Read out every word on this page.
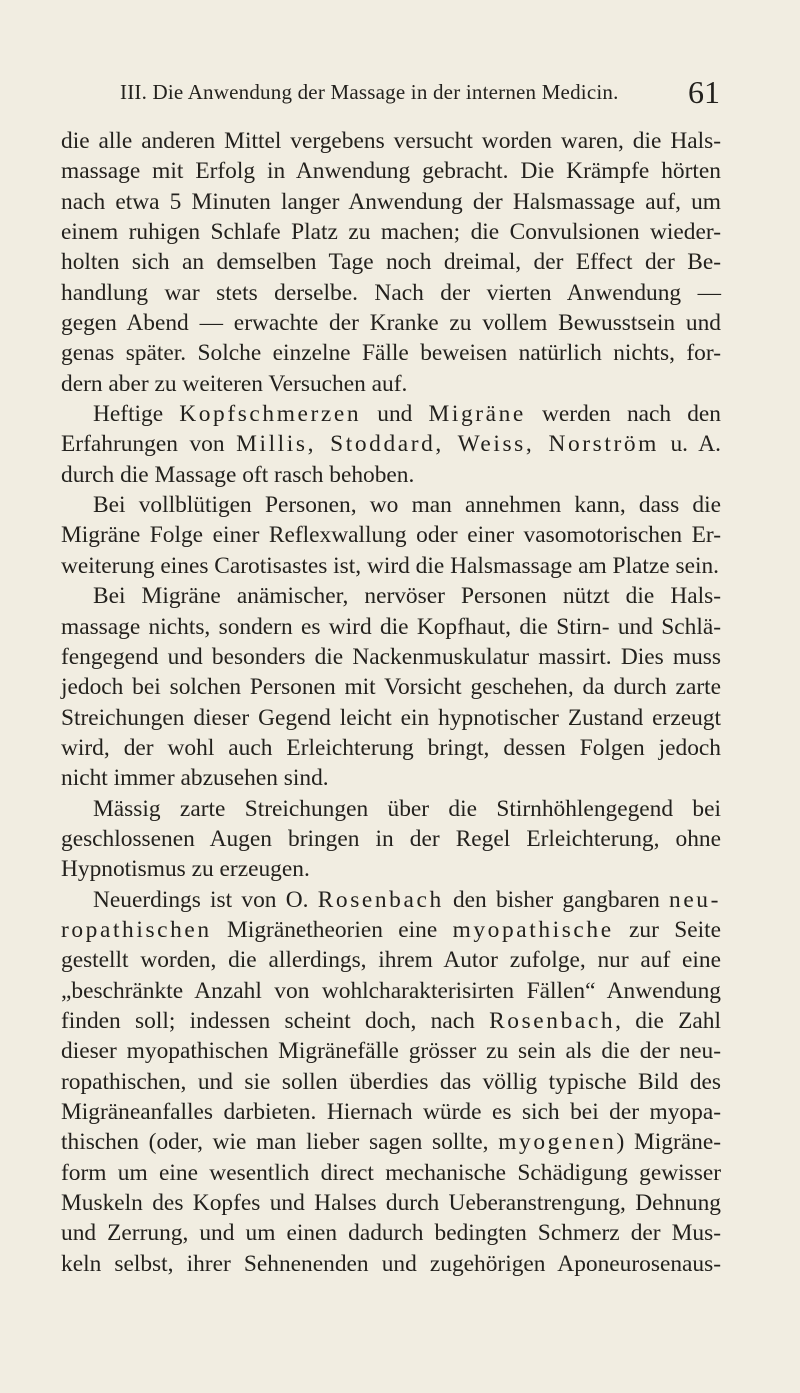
III. Die Anwendung der Massage in der internen Medicin. 61
die alle anderen Mittel vergebens versucht worden waren, die Hals-
massage mit Erfolg in Anwendung gebracht. Die Krämpfe hörten
nach etwa 5 Minuten langer Anwendung der Halsmassage auf, um
einem ruhigen Schlafe Platz zu machen; die Convulsionen wieder-
holten sich an demselben Tage noch dreimal, der Effect der Be-
handlung war stets derselbe. Nach der vierten Anwendung —
gegen Abend — erwachte der Kranke zu vollem Bewusstsein und
genas später. Solche einzelne Fälle beweisen natürlich nichts, for-
dern aber zu weiteren Versuchen auf.
Heftige Kopfschmerzen und Migräne werden nach den
Erfahrungen von Millis, Stoddard, Weiss, Norström u. A.
durch die Massage oft rasch behoben.
Bei vollblütigen Personen, wo man annehmen kann, dass die
Migräne Folge einer Reflexwallung oder einer vasomotorischen Er-
weiterung eines Carotisastes ist, wird die Halsmassage am Platze sein.
Bei Migräne anämischer, nervöser Personen nützt die Hals-
massage nichts, sondern es wird die Kopfhaut, die Stirn- und Schlä-
fengegend und besonders die Nackenmuskulatur massirt. Dies muss
jedoch bei solchen Personen mit Vorsicht geschehen, da durch zarte
Streichungen dieser Gegend leicht ein hypnotischer Zustand erzeugt
wird, der wohl auch Erleichterung bringt, dessen Folgen jedoch
nicht immer abzusehen sind.
Mässig zarte Streichungen über die Stirnhöhlengegend bei
geschlossenen Augen bringen in der Regel Erleichterung, ohne
Hypnotismus zu erzeugen.
Neuerdings ist von O. Rosenbach den bisher gangbaren neu-
ropathischen Migränetheorien eine myopathische zur Seite
gestellt worden, die allerdings, ihrem Autor zufolge, nur auf eine
„beschränkte Anzahl von wohlcharakterisirten Fällen“ Anwendung
finden soll; indessen scheint doch, nach Rosenbach, die Zahl
dieser myopathischen Migränefälle grösser zu sein als die der neu-
ropathischen, und sie sollen überdies das völlig typische Bild des
Migräneanfalles darbieten. Hiernach würde es sich bei der myopa-
thischen (oder, wie man lieber sagen sollte, myogenen) Migräne-
form um eine wesentlich direct mechanische Schädigung gewisser
Muskeln des Kopfes und Halses durch Ueberanstrengung, Dehnung
und Zerrung, und um einen dadurch bedingten Schmerz der Mus-
keln selbst, ihrer Sehnenenden und zugehörigen Aponeurosenaus-
